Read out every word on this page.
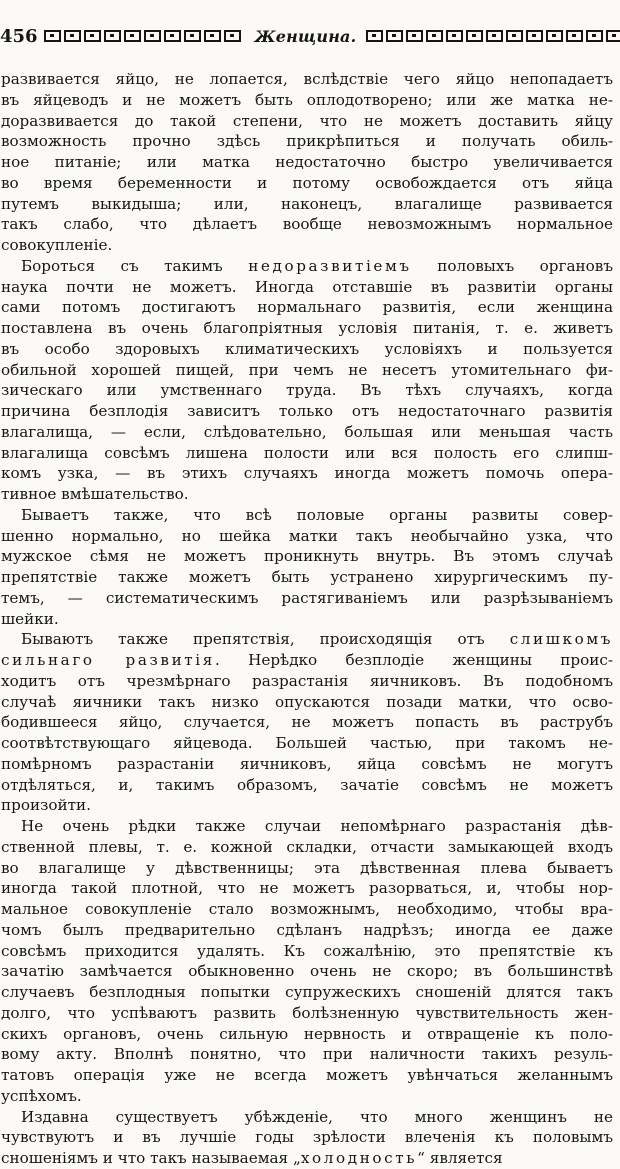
456	Женщина.
развивается яйцо, не лопается, вслѣдствіе чего яйцо непопадаетъ
въ яйцеводъ и не можетъ быть оплодотворено; или же матка не-
доразвивается до такой степени, что не можетъ доставить яйцу
возможность прочно здѣсь прикрѣпиться и получать обиль-
ное питаніе; или матка недостаточно быстро увеличивается
во время беременности и потому освобождается отъ яйца
путемъ выкидыша; или, наконецъ, влагалище развивается
такъ слабо, что дѣлаетъ вообще невозможнымъ нормальное
совокупленіе.
Бороться съ такимъ недоразвитіемъ половыхъ органовъ
наука почти не можетъ. Иногда отставшіе въ развитіи органы
сами потомъ достигаютъ нормальнаго развитія, если женщина
поставлена въ очень благопріятныя условія питанія, т. е. живетъ
въ особо здоровыхъ климатическихъ условіяхъ и пользуется
обильной хорошей пищей, при чемъ не несетъ утомительнаго фи-
зическаго или умственнаго труда. Въ тѣхъ случаяхъ, когда
причина безплодія зависитъ только отъ недостаточнаго развитія
влагалища, — если, слѣдовательно, большая или меньшая часть
влагалища совсѣмъ лишена полости или вся полость его слипш-
комъ узка, — въ этихъ случаяхъ иногда можетъ помочь опера-
тивное вмѣшательство.
Бываетъ также, что всѣ половые органы развиты совер-
шенно нормально, но шейка матки такъ необычайно узка, что
мужское сѣмя не можетъ проникнуть внутрь. Въ этомъ случаѣ
препятствіе также можетъ быть устранено хирургическимъ пу-
темъ, — систематическимъ растягиваніемъ или разрѣзываніемъ
шейки.
Бываютъ также препятствія, происходящія отъ слишкомъ
сильнаго развитія. Нерѣдко безплодіе женщины проис-
ходитъ отъ чрезмѣрнаго разрастанія яичниковъ. Въ подобномъ
случаѣ яичники такъ низко опускаются позади матки, что осво-
бодившееся яйцо, случается, не можетъ попасть въ раструбъ
соотвѣтствующаго яйцевода. Большей частью, при такомъ не-
помѣрномъ разрастаніи яичниковъ, яйца совсѣмъ не могутъ
отдѣляться, и, такимъ образомъ, зачатіе совсѣмъ не можетъ
произойти.
Не очень рѣдки также случаи непомѣрнаго разрастанія дѣв-
ственной плевы, т. е. кожной складки, отчасти замыкающей входъ
во влагалище у дѣвственницы; эта дѣвственная плева бываетъ
иногда такой плотной, что не можетъ разорваться, и, чтобы нор-
мальное совокупленіе стало возможнымъ, необходимо, чтобы вра-
чомъ былъ предварительно сдѣланъ надрѣзъ; иногда ее даже
совсѣмъ приходится удалять. Къ сожалѣнію, это препятствіе къ
зачатію замѣчается обыкновенно очень не скоро; въ большинствѣ
случаевъ безплодныя попытки супружескихъ сношеній длятся такъ
долго, что успѣваютъ развить болѣзненную чувствительность жен-
скихъ органовъ, очень сильную нервность и отвращеніе къ поло-
вому акту. Вполнѣ понятно, что при наличности такихъ резуль-
татовъ операція уже не всегда можетъ увѣнчаться желаннымъ
успѣхомъ.
Издавна существуетъ убѣжденіе, что много женщинъ не
чувствуютъ и въ лучшіе годы зрѣлости влеченія къ половымъ
сношеніямъ и что такъ называемая „холодность“ является
